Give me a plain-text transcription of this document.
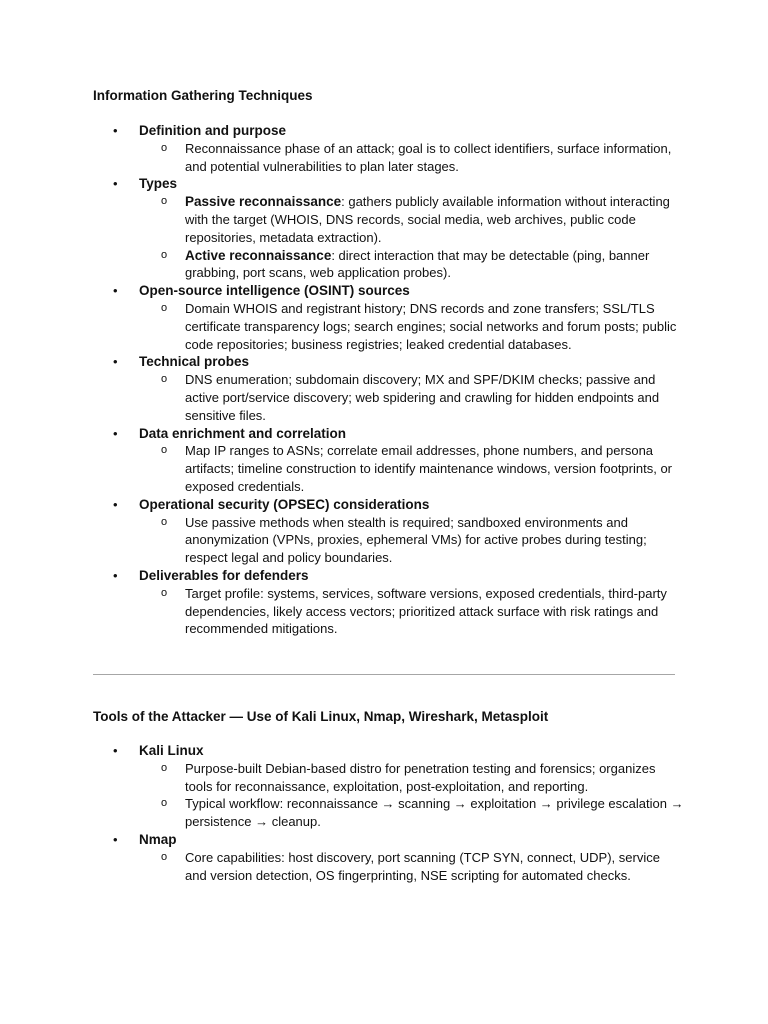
Information Gathering Techniques
• Definition and purpose
o Reconnaissance phase of an attack; goal is to collect identifiers, surface information, and potential vulnerabilities to plan later stages.
• Types
o Passive reconnaissance: gathers publicly available information without interacting with the target (WHOIS, DNS records, social media, web archives, public code repositories, metadata extraction).
o Active reconnaissance: direct interaction that may be detectable (ping, banner grabbing, port scans, web application probes).
• Open-source intelligence (OSINT) sources
o Domain WHOIS and registrant history; DNS records and zone transfers; SSL/TLS certificate transparency logs; search engines; social networks and forum posts; public code repositories; business registries; leaked credential databases.
• Technical probes
o DNS enumeration; subdomain discovery; MX and SPF/DKIM checks; passive and active port/service discovery; web spidering and crawling for hidden endpoints and sensitive files.
• Data enrichment and correlation
o Map IP ranges to ASNs; correlate email addresses, phone numbers, and persona artifacts; timeline construction to identify maintenance windows, version footprints, or exposed credentials.
• Operational security (OPSEC) considerations
o Use passive methods when stealth is required; sandboxed environments and anonymization (VPNs, proxies, ephemeral VMs) for active probes during testing; respect legal and policy boundaries.
• Deliverables for defenders
o Target profile: systems, services, software versions, exposed credentials, third-party dependencies, likely access vectors; prioritized attack surface with risk ratings and recommended mitigations.
Tools of the Attacker — Use of Kali Linux, Nmap, Wireshark, Metasploit
• Kali Linux
o Purpose-built Debian-based distro for penetration testing and forensics; organizes tools for reconnaissance, exploitation, post-exploitation, and reporting.
o Typical workflow: reconnaissance → scanning → exploitation → privilege escalation → persistence → cleanup.
• Nmap
o Core capabilities: host discovery, port scanning (TCP SYN, connect, UDP), service and version detection, OS fingerprinting, NSE scripting for automated checks.
